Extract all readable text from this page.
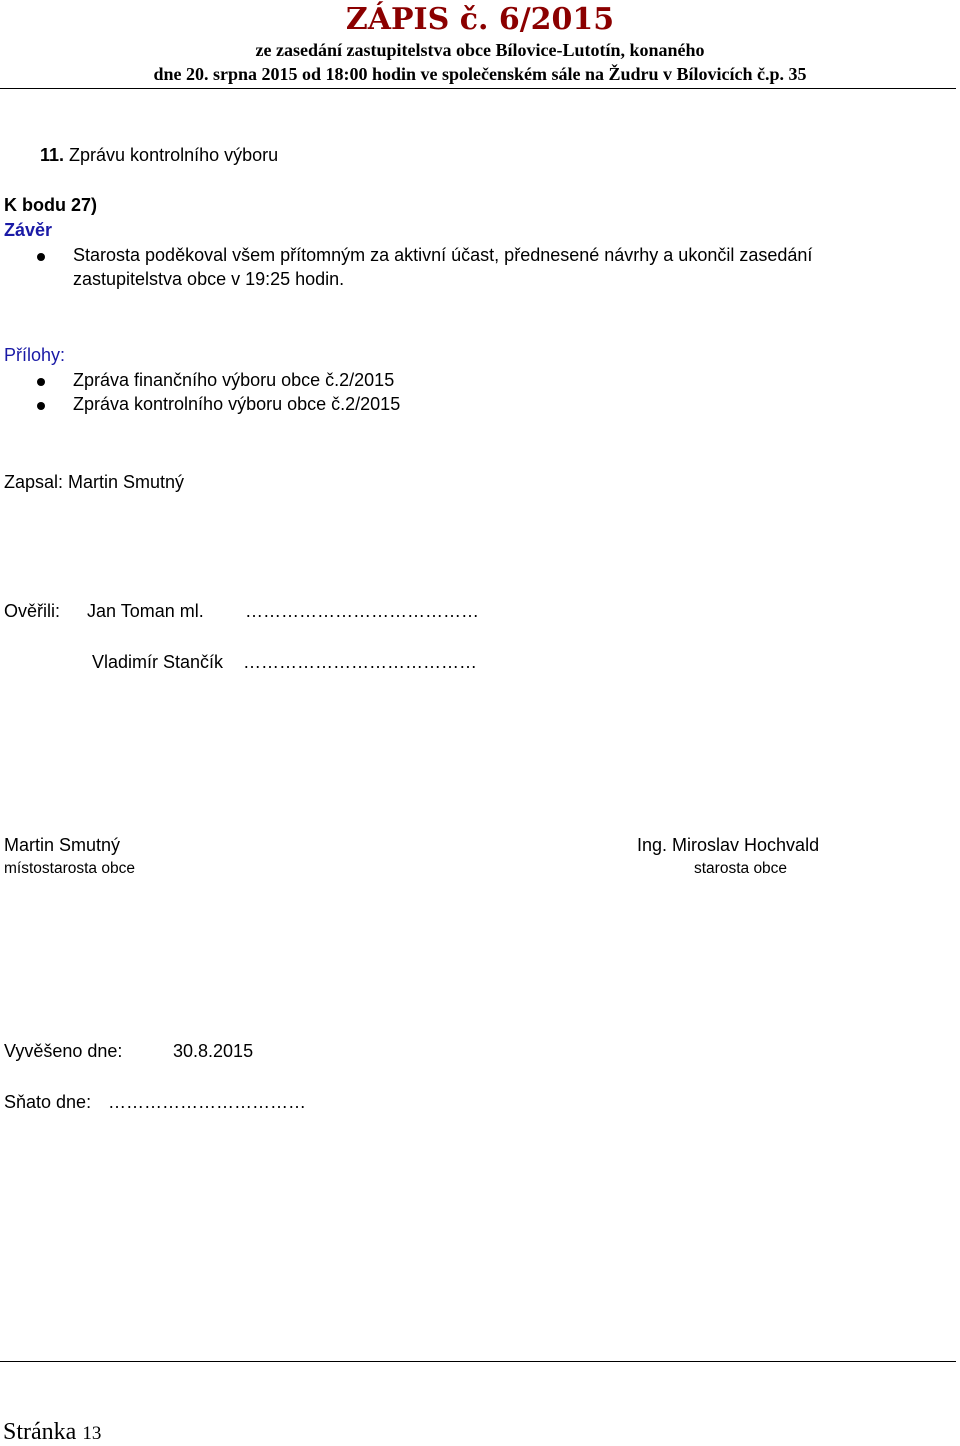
ZÁPIS č. 6/2015
ze zasedání zastupitelstva obce Bílovice-Lutotín, konaného
dne 20. srpna 2015 od 18:00 hodin ve společenském sále na Žudru v Bílovicích č.p. 35
11. Zprávu kontrolního výboru
K bodu 27)
Závěr
Starosta poděkoval všem přítomným za aktivní účast, přednesené návrhy a ukončil zasedání
zastupitelstva obce v 19:25 hodin.
Přílohy:
Zpráva finančního výboru obce č.2/2015
Zpráva kontrolního výboru obce č.2/2015
Zapsal: Martin Smutný
Ověřili: Jan Toman ml. …………………………………
Vladimír Stančík …………………………………
Martin Smutný
místostarosta obce
Ing. Miroslav Hochvald
starosta obce
Vyvěšeno dne:	30.8.2015
Sňato dne: ……………………………
Stránka 13
